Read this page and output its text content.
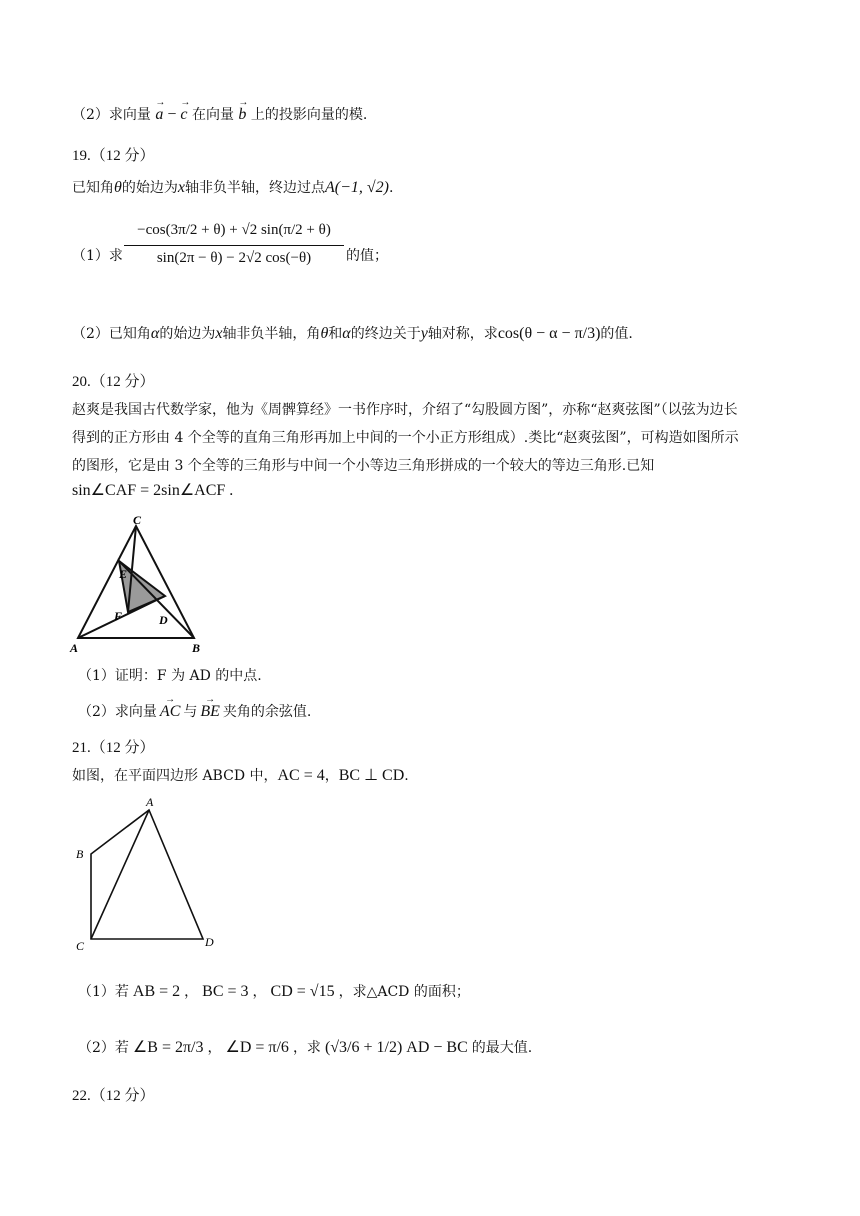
（2）求向量 a → − c → 在向量 b → 上的投影向量的模.
19.（12 分）
已知角θ的始边为x轴非负半轴，终边过点A(−1, √2).
（1）求
−cos(3π/2 + θ) + √2 sin(π/2 + θ)
sin(2π − θ) − 2√2 cos(−θ)	的值；
（2）已知角α的始边为x轴非负半轴，角θ和α的终边关于y轴对称，求cos(θ − α − π/3)的值.
20.（12 分）
赵爽是我国古代数学家，他为《周髀算经》一书作序时，介绍了“勾股圆方图”，亦称“赵爽弦图”（以弦为边长
得到的正方形由 4 个全等的直角三角形再加上中间的一个小正方形组成）.类比“赵爽弦图”，可构造如图所示
的图形，它是由 3 个全等的三角形与中间一个小等边三角形拼成的一个较大的等边三角形.已知
sin∠CAF = 2sin∠ACF .
C
E
F	D
A	B
（1）证明：F 为 AD 的中点.
（2）求向量 AC → 与 BE → 夹角的余弦值.
21.（12 分）
如图，在平面四边形 ABCD 中，AC = 4，BC ⊥ CD.
A
B
C	D
（1）若 AB = 2 ， BC = 3 ， CD = √15 ，求△ACD 的面积；
（2）若 ∠B = 2π/3 ， ∠D = π/6 ，求 (√3/6 + 1/2) AD − BC 的最大值.
22.（12 分）
